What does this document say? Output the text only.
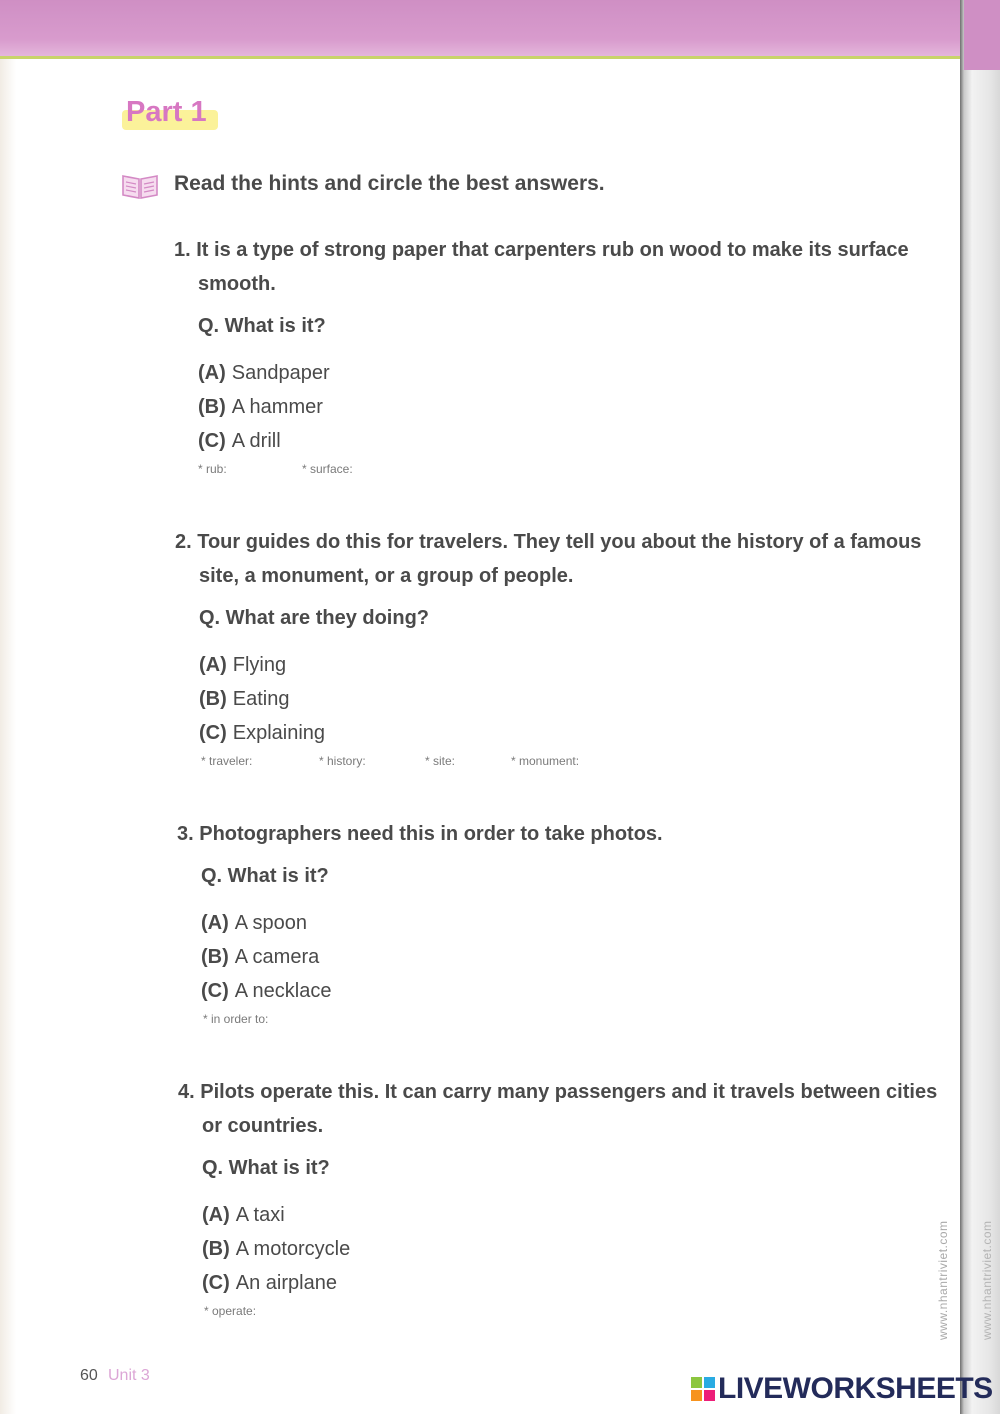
www.nhantriviet.com	www.nhantriviet.com
Part 1
Read the hints and circle the best answers.
1. It is a type of strong paper that carpenters rub on wood to make its surface smooth.
Q. What is it?
(A) Sandpaper
(B) A hammer
(C) A drill
* rub:	* surface:
2. Tour guides do this for travelers. They tell you about the history of a famous site, a monument, or a group of people.
Q. What are they doing?
(A) Flying
(B) Eating
(C) Explaining
* traveler:	* history:	* site:	* monument:
3. Photographers need this in order to take photos.
Q. What is it?
(A) A spoon
(B) A camera
(C) A necklace
* in order to:
4. Pilots operate this. It can carry many passengers and it travels between cities or countries.
Q. What is it?
(A) A taxi
(B) A motorcycle
(C) An airplane
* operate:
60 Unit 3	LIVEWORKSHEETS
